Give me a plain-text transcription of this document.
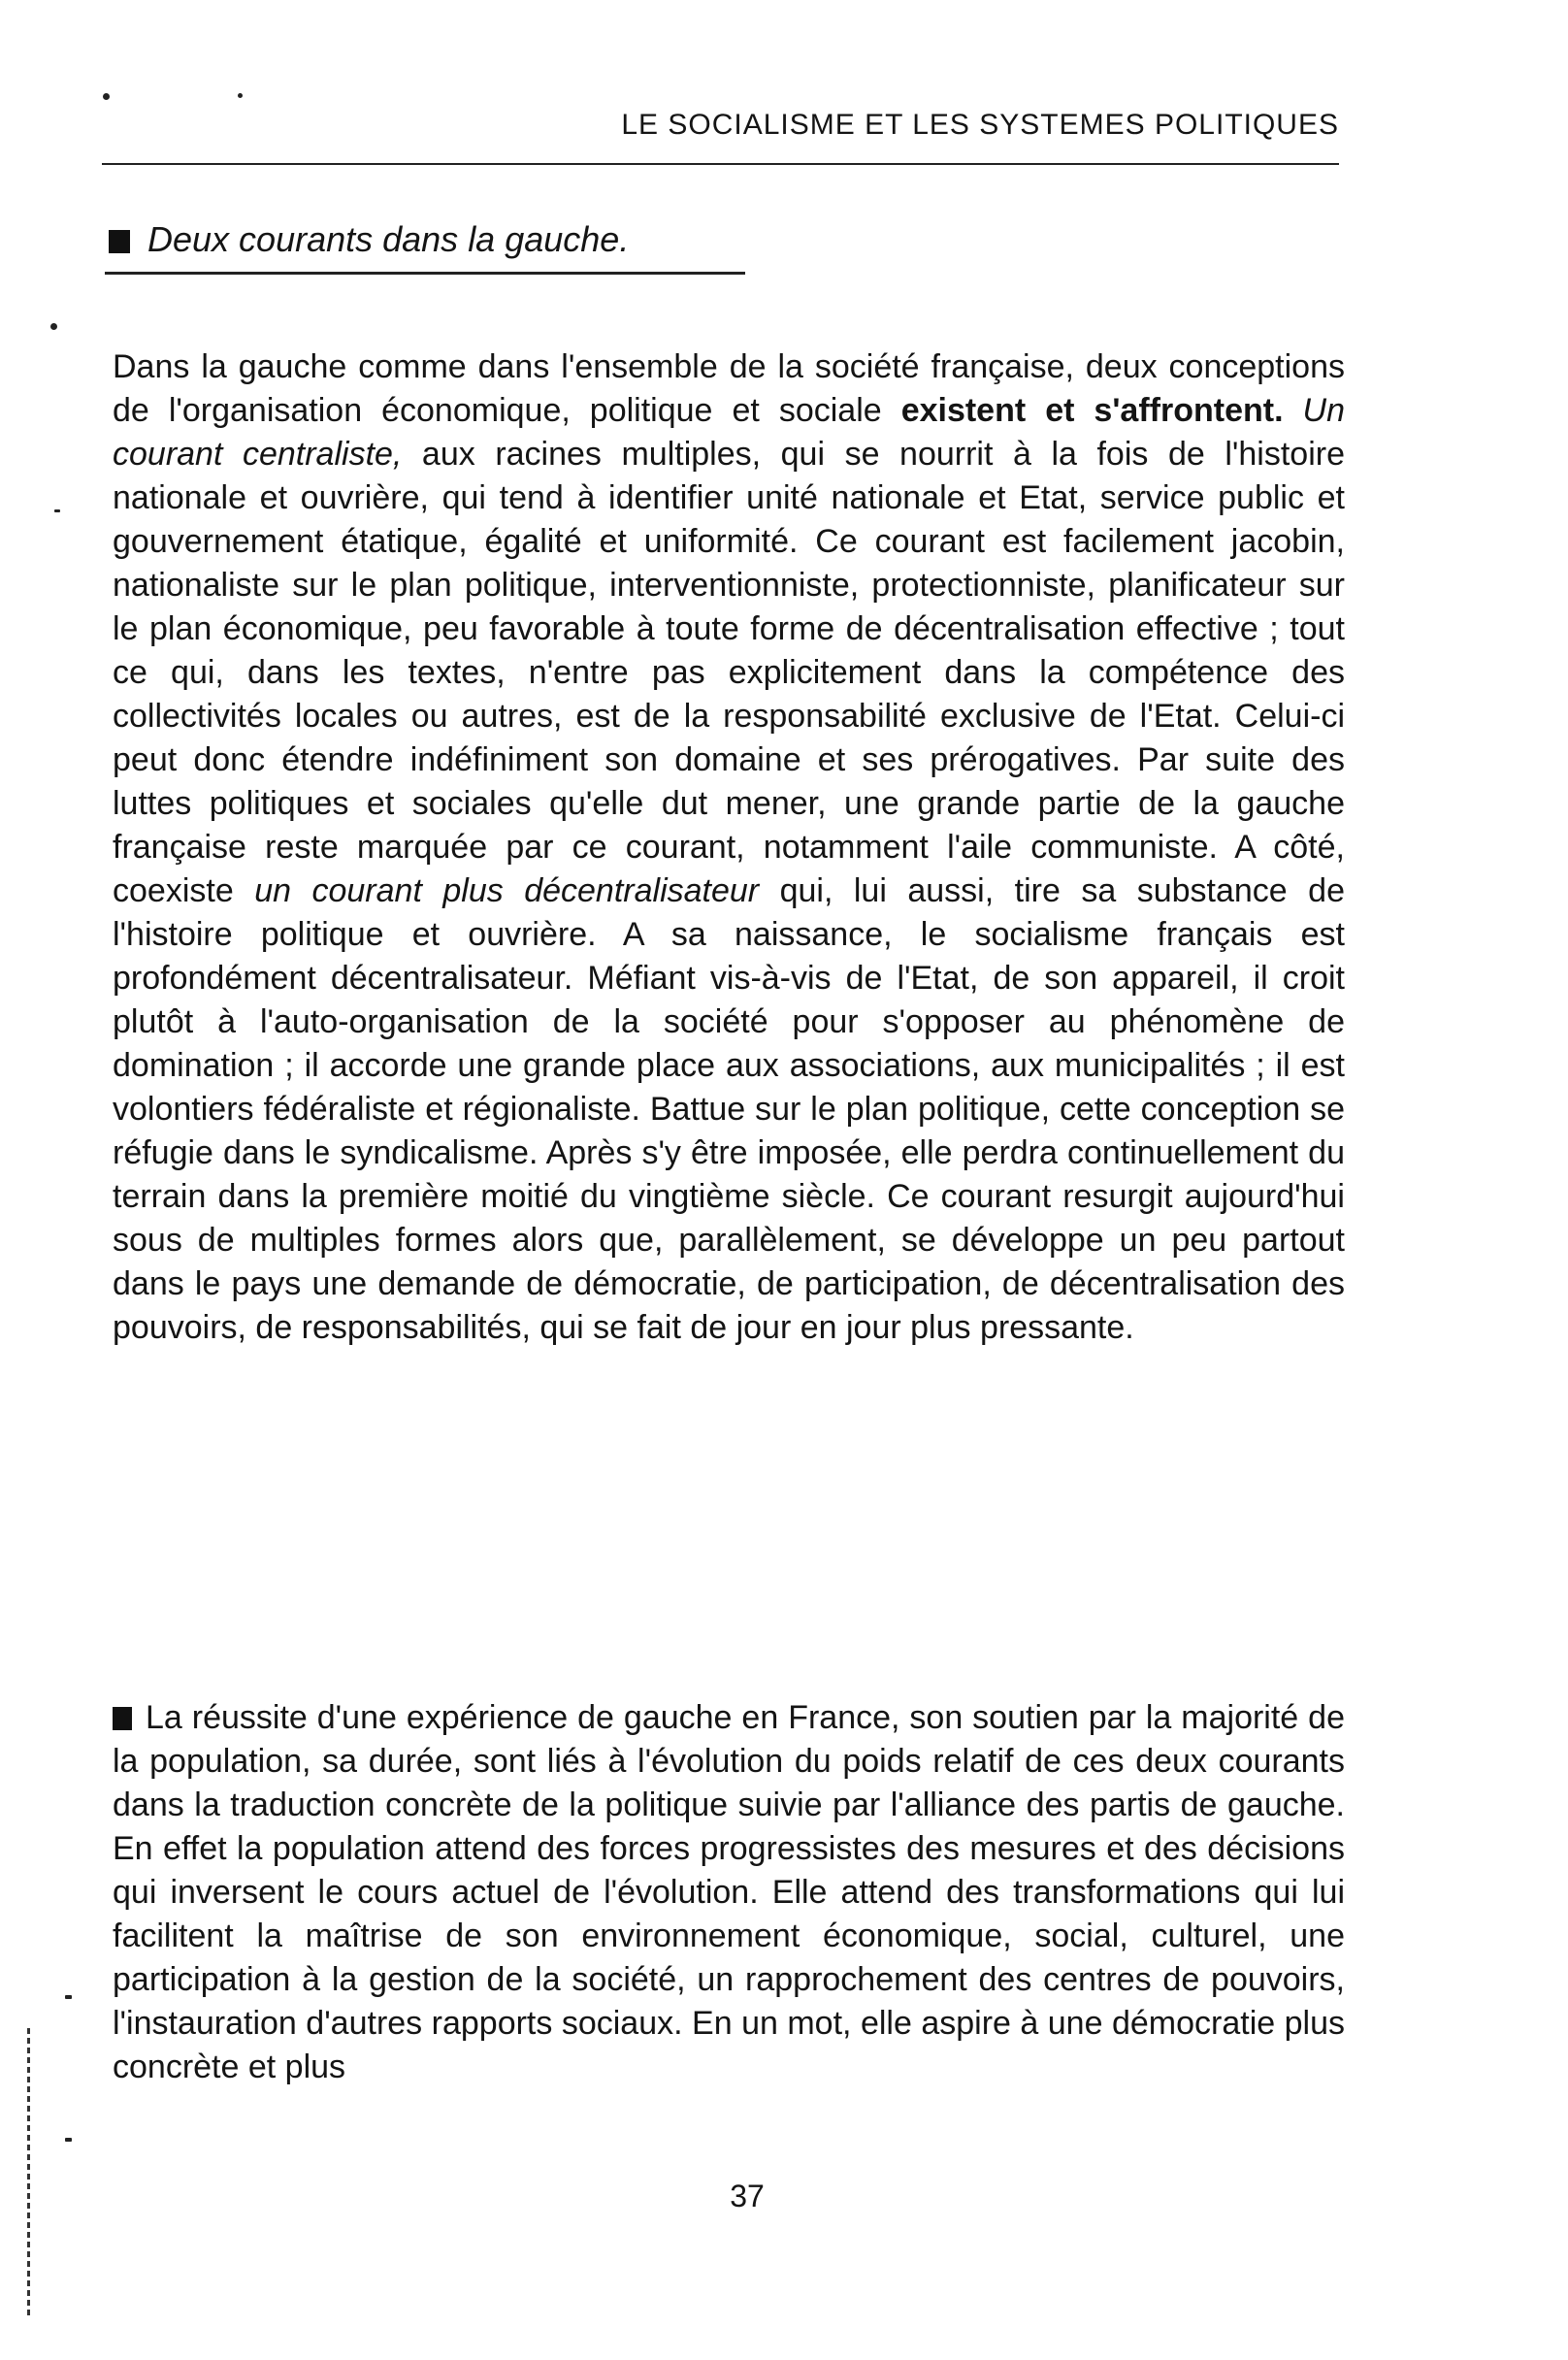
LE SOCIALISME ET LES SYSTEMES POLITIQUES
Deux courants dans la gauche.

Dans la gauche comme dans l'ensemble de la société française, deux conceptions de l'organisation économique, politique et sociale existent et s'affrontent. Un courant centraliste, aux racines multiples, qui se nourrit à la fois de l'histoire nationale et ouvrière, qui tend à identifier unité nationale et Etat, service public et gouvernement étatique, égalité et uniformité. Ce courant est facilement jacobin, nationaliste sur le plan politique, interventionniste, protectionniste, planificateur sur le plan économique, peu favorable à toute forme de décentralisation effective ; tout ce qui, dans les textes, n'entre pas explicitement dans la compétence des collectivités locales ou autres, est de la responsabilité exclusive de l'Etat. Celui-ci peut donc étendre indéfiniment son domaine et ses prérogatives. Par suite des luttes politiques et sociales qu'elle dut mener, une grande partie de la gauche française reste marquée par ce courant, notamment l'aile communiste. A côté, coexiste un courant plus décentralisateur qui, lui aussi, tire sa substance de l'histoire politique et ouvrière. A sa naissance, le socialisme français est profondément décentralisateur. Méfiant vis-à-vis de l'Etat, de son appareil, il croit plutôt à l'auto-organisation de la société pour s'opposer au phénomène de domination ; il accorde une grande place aux associations, aux municipalités ; il est volontiers fédéraliste et régionaliste. Battue sur le plan politique, cette conception se réfugie dans le syndicalisme. Après s'y être imposée, elle perdra continuellement du terrain dans la première moitié du vingtième siècle. Ce courant resurgit aujourd'hui sous de multiples formes alors que, parallèlement, se développe un peu partout dans le pays une demande de démocratie, de participation, de décentralisation des pouvoirs, de responsabilités, qui se fait de jour en jour plus pressante.

La réussite d'une expérience de gauche en France, son soutien par la majorité de la population, sa durée, sont liés à l'évolution du poids relatif de ces deux courants dans la traduction concrète de la politique suivie par l'alliance des partis de gauche. En effet la population attend des forces progressistes des mesures et des décisions qui inversent le cours actuel de l'évolution. Elle attend des transformations qui lui facilitent la maîtrise de son environnement économique, social, culturel, une participation à la gestion de la société, un rapprochement des centres de pouvoirs, l'instauration d'autres rapports sociaux. En un mot, elle aspire à une démocratie plus concrète et plus

37
